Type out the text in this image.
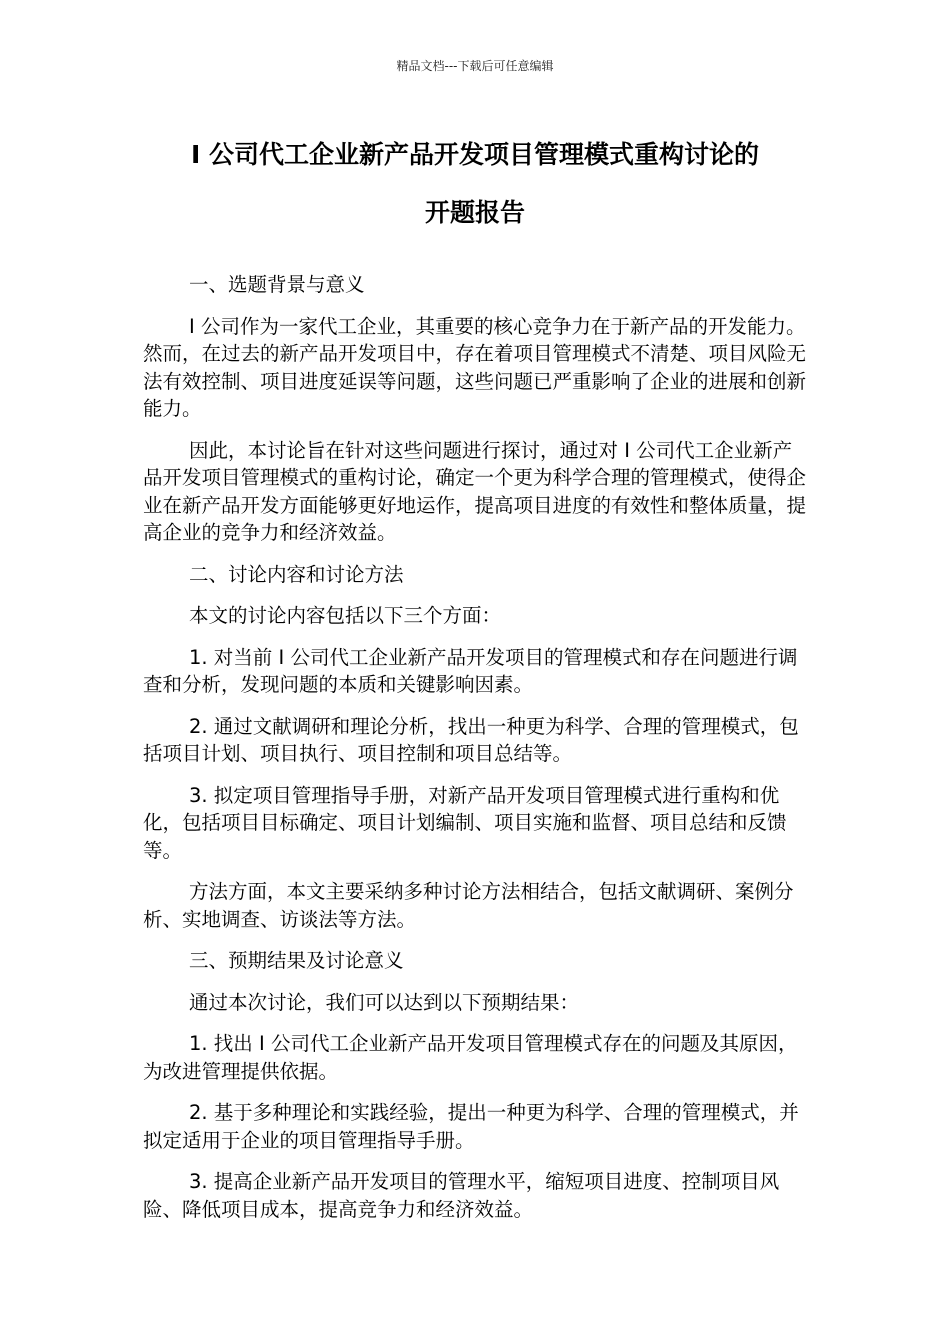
精品文档---下载后可任意编辑
I 公司代工企业新产品开发项目管理模式重构讨论的
开题报告

一、选题背景与意义

I 公司作为一家代工企业，其重要的核心竞争力在于新产品的开发能力。然而，在过去的新产品开发项目中，存在着项目管理模式不清楚、项目风险无法有效控制、项目进度延误等问题，这些问题已严重影响了企业的进展和创新能力。

因此，本讨论旨在针对这些问题进行探讨，通过对 I 公司代工企业新产品开发项目管理模式的重构讨论，确定一个更为科学合理的管理模式，使得企业在新产品开发方面能够更好地运作，提高项目进度的有效性和整体质量，提高企业的竞争力和经济效益。

二、讨论内容和讨论方法

本文的讨论内容包括以下三个方面：

1. 对当前 I 公司代工企业新产品开发项目的管理模式和存在问题进行调查和分析，发现问题的本质和关键影响因素。

2. 通过文献调研和理论分析，找出一种更为科学、合理的管理模式，包括项目计划、项目执行、项目控制和项目总结等。

3. 拟定项目管理指导手册，对新产品开发项目管理模式进行重构和优化，包括项目目标确定、项目计划编制、项目实施和监督、项目总结和反馈等。

方法方面，本文主要采纳多种讨论方法相结合，包括文献调研、案例分析、实地调查、访谈法等方法。

三、预期结果及讨论意义

通过本次讨论，我们可以达到以下预期结果：

1. 找出 I 公司代工企业新产品开发项目管理模式存在的问题及其原因，为改进管理提供依据。

2. 基于多种理论和实践经验，提出一种更为科学、合理的管理模式，并拟定适用于企业的项目管理指导手册。

3. 提高企业新产品开发项目的管理水平，缩短项目进度、控制项目风险、降低项目成本，提高竞争力和经济效益。
